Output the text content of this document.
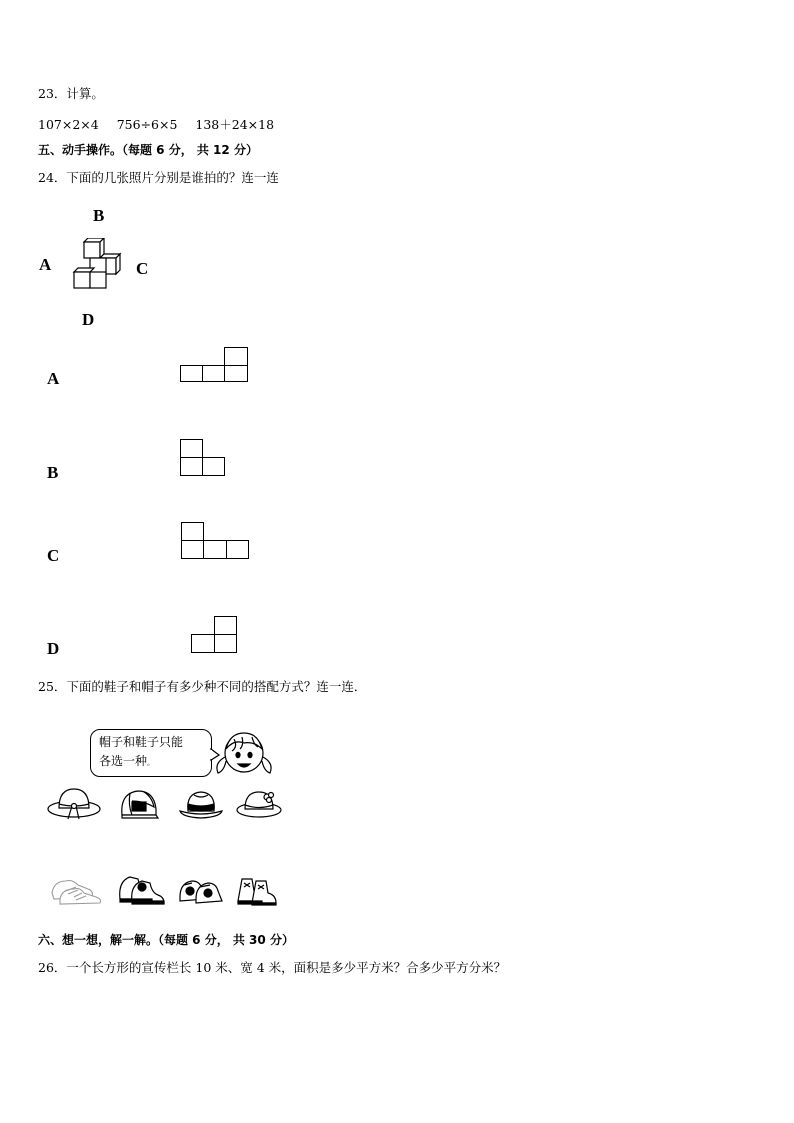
23．计算。
107×2×4 756÷6×5 138＋24×18
五、动手操作。（每题 6 分， 共 12 分）
24．下面的几张照片分别是谁拍的？连一连
B
A	C
D
A
B
C
D
25．下面的鞋子和帽子有多少种不同的搭配方式？连一连．
帽子和鞋子只能
各选一种。
六、想一想，解一解。（每题 6 分， 共 30 分）
26．一个长方形的宣传栏长 10 米、宽 4 米，面积是多少平方米？合多少平方分米？
